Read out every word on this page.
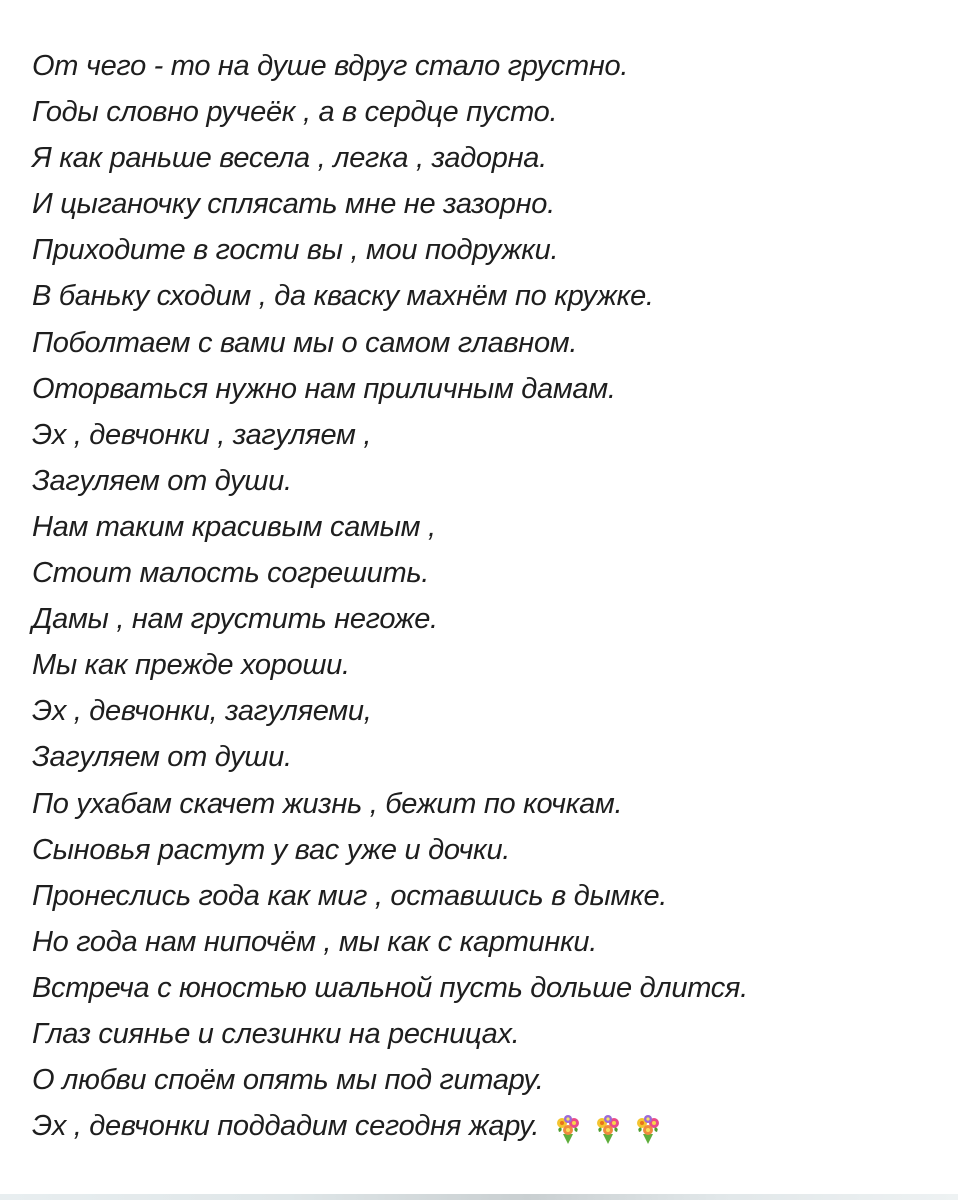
От чего - то на душе вдруг стало грустно.
Годы словно ручеёк , а в сердце пусто.
Я как раньше весела , легка , задорна.
И цыганочку сплясать мне не зазорно.
Приходите в гости вы , мои подружки.
В баньку сходим , да кваску махнём по кружке.
Поболтаем с вами мы о самом главном.
Оторваться нужно нам приличным дамам.
Эх , девчонки , загуляем ,
Загуляем от души.
Нам таким красивым самым ,
Стоит малость согрешить.
Дамы , нам грустить негоже.
Мы как прежде хороши.
Эх , девчонки, загуляеми,
Загуляем от души.
По ухабам скачет жизнь , бежит по кочкам.
Сыновья растут у вас уже и дочки.
Пронеслись года как миг , оставшись в дымке.
Но года нам нипочём , мы как с картинки.
Встреча с юностью шальной пусть дольше длится.
Глаз сиянье и слезинки на ресницах.
О любви споём опять мы под гитару.
Эх , девчонки поддадим сегодня жару.
